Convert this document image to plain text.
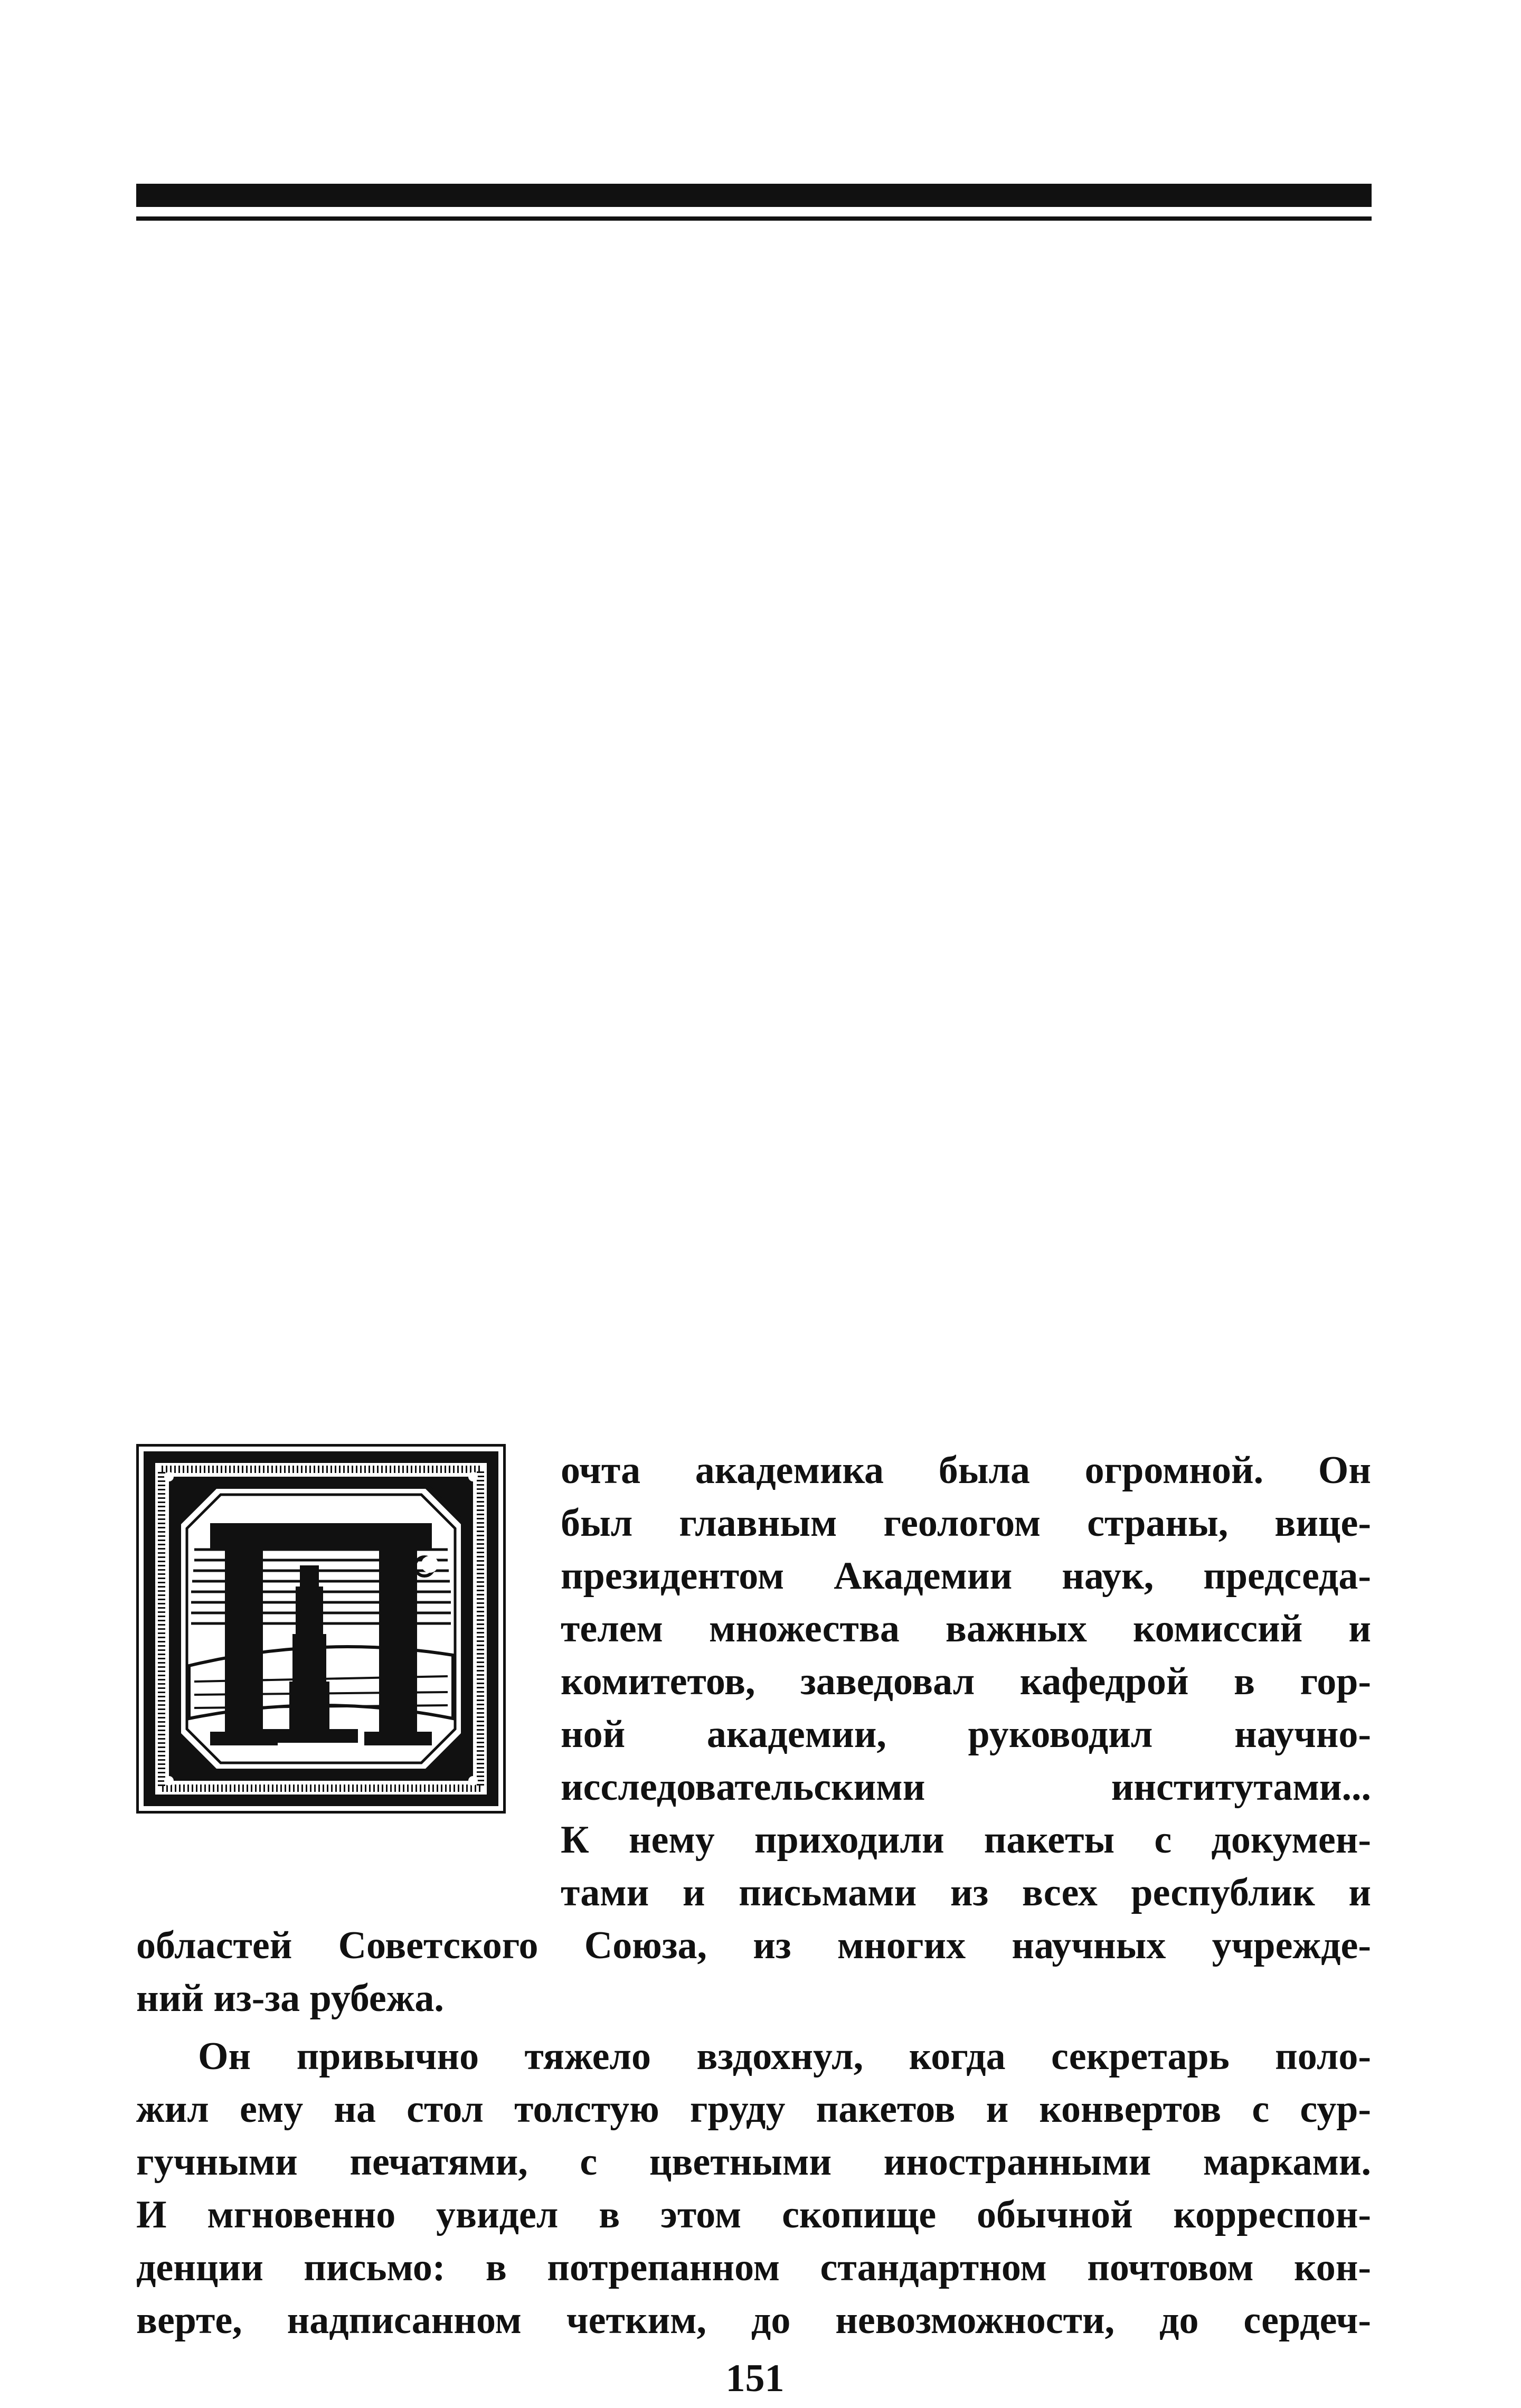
очта академика была огромной. Он
был главным геологом страны, вице-
президентом Академии наук, председа-
телем множества важных комиссий и
комитетов, заведовал кафедрой в гор-
ной академии, руководил научно-
исследовательскими институтами...
К нему приходили пакеты с докумен-
тами и письмами из всех республик и
областей Советского Союза, из многих научных учрежде-
ний из-за рубежа.
Он привычно тяжело вздохнул, когда секретарь поло-
жил ему на стол толстую груду пакетов и конвертов с сур-
гучными печатями, с цветными иностранными марками.
И мгновенно увидел в этом скопище обычной корреспон-
денции письмо: в потрепанном стандартном почтовом кон-
верте, надписанном четким, до невозможности, до сердеч-
151
